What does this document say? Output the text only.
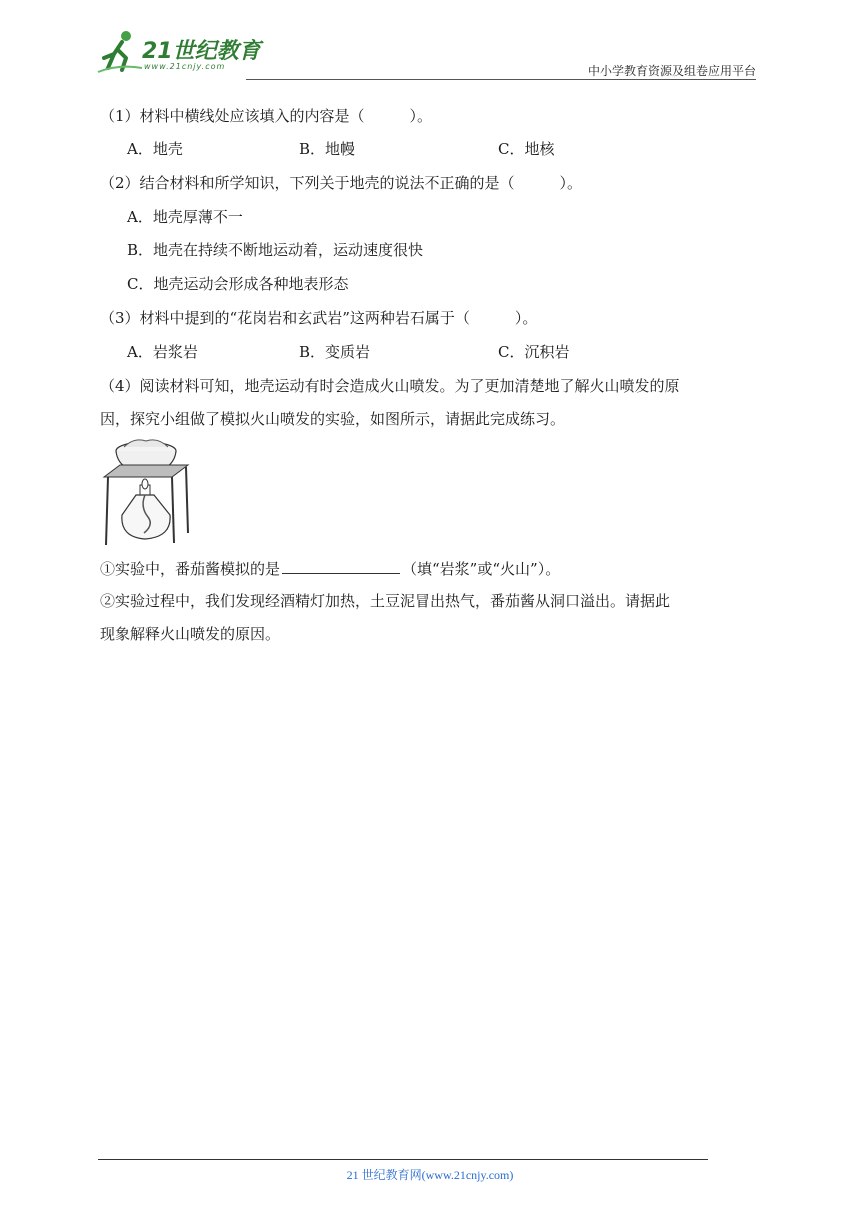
21世纪教育
www.21cnjy.com	中小学教育资源及组卷应用平台
（1）材料中横线处应该填入的内容是（　　　）。
A．地壳	B．地幔	C．地核
（2）结合材料和所学知识，下列关于地壳的说法不正确的是（　　　）。
A．地壳厚薄不一
B．地壳在持续不断地运动着，运动速度很快
C．地壳运动会形成各种地表形态
（3）材料中提到的“花岗岩和玄武岩”这两种岩石属于（　　　）。
A．岩浆岩	B．变质岩	C．沉积岩
（4）阅读材料可知，地壳运动有时会造成火山喷发。为了更加清楚地了解火山喷发的原
因，探究小组做了模拟火山喷发的实验，如图所示，请据此完成练习。
①实验中，番茄酱模拟的是	（填“岩浆”或“火山”）。
②实验过程中，我们发现经酒精灯加热，土豆泥冒出热气，番茄酱从洞口溢出。请据此
现象解释火山喷发的原因。
21 世纪教育网(www.21cnjy.com)
